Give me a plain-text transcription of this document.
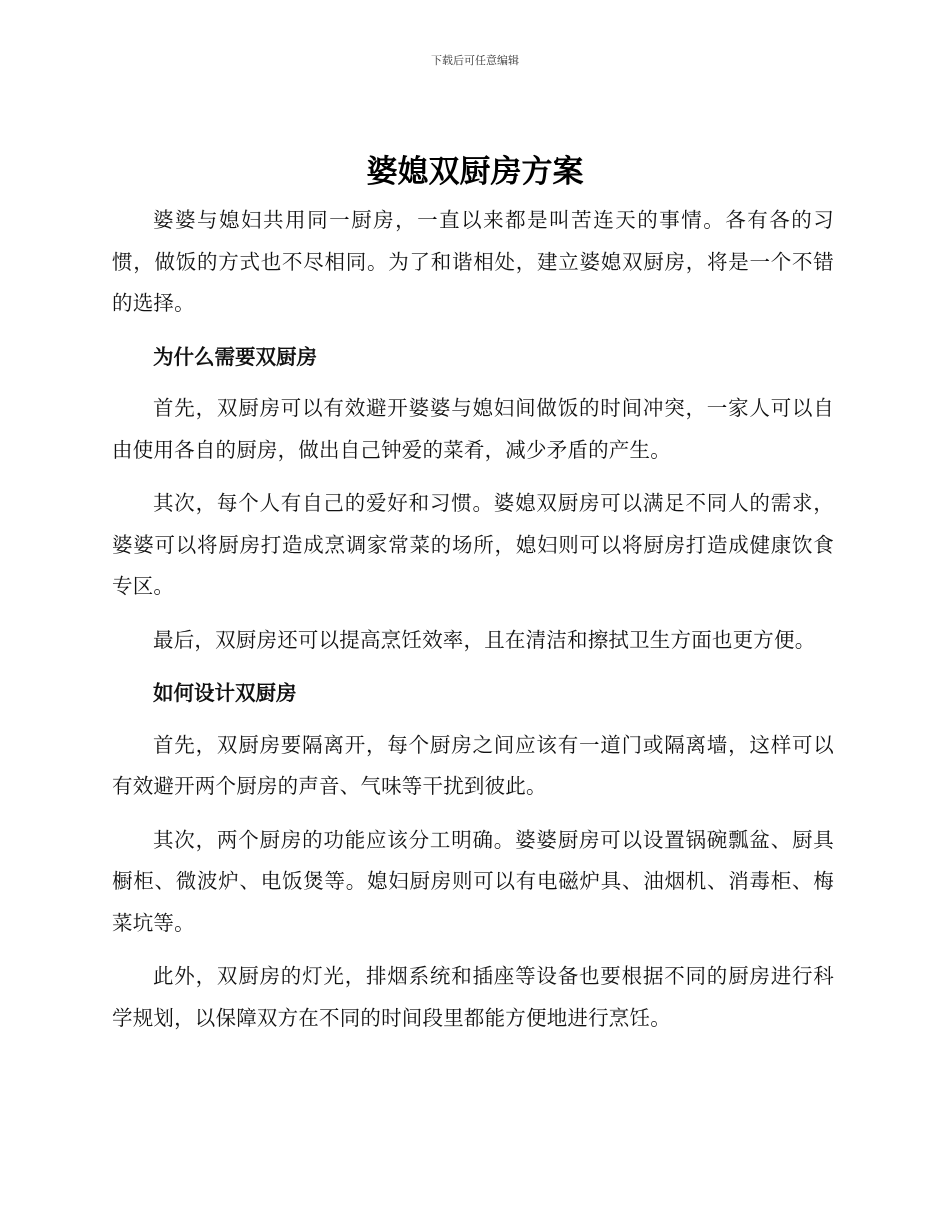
下载后可任意编辑
婆媳双厨房方案

婆婆与媳妇共用同一厨房，一直以来都是叫苦连天的事情。各有各的习惯，做饭的方式也不尽相同。为了和谐相处，建立婆媳双厨房，将是一个不错的选择。

为什么需要双厨房

首先，双厨房可以有效避开婆婆与媳妇间做饭的时间冲突，一家人可以自由使用各自的厨房，做出自己钟爱的菜肴，减少矛盾的产生。

其次，每个人有自己的爱好和习惯。婆媳双厨房可以满足不同人的需求，婆婆可以将厨房打造成烹调家常菜的场所，媳妇则可以将厨房打造成健康饮食专区。

最后，双厨房还可以提高烹饪效率，且在清洁和擦拭卫生方面也更方便。

如何设计双厨房

首先，双厨房要隔离开，每个厨房之间应该有一道门或隔离墙，这样可以有效避开两个厨房的声音、气味等干扰到彼此。

其次，两个厨房的功能应该分工明确。婆婆厨房可以设置锅碗瓢盆、厨具橱柜、微波炉、电饭煲等。媳妇厨房则可以有电磁炉具、油烟机、消毒柜、梅菜坑等。

此外，双厨房的灯光，排烟系统和插座等设备也要根据不同的厨房进行科学规划，以保障双方在不同的时间段里都能方便地进行烹饪。
